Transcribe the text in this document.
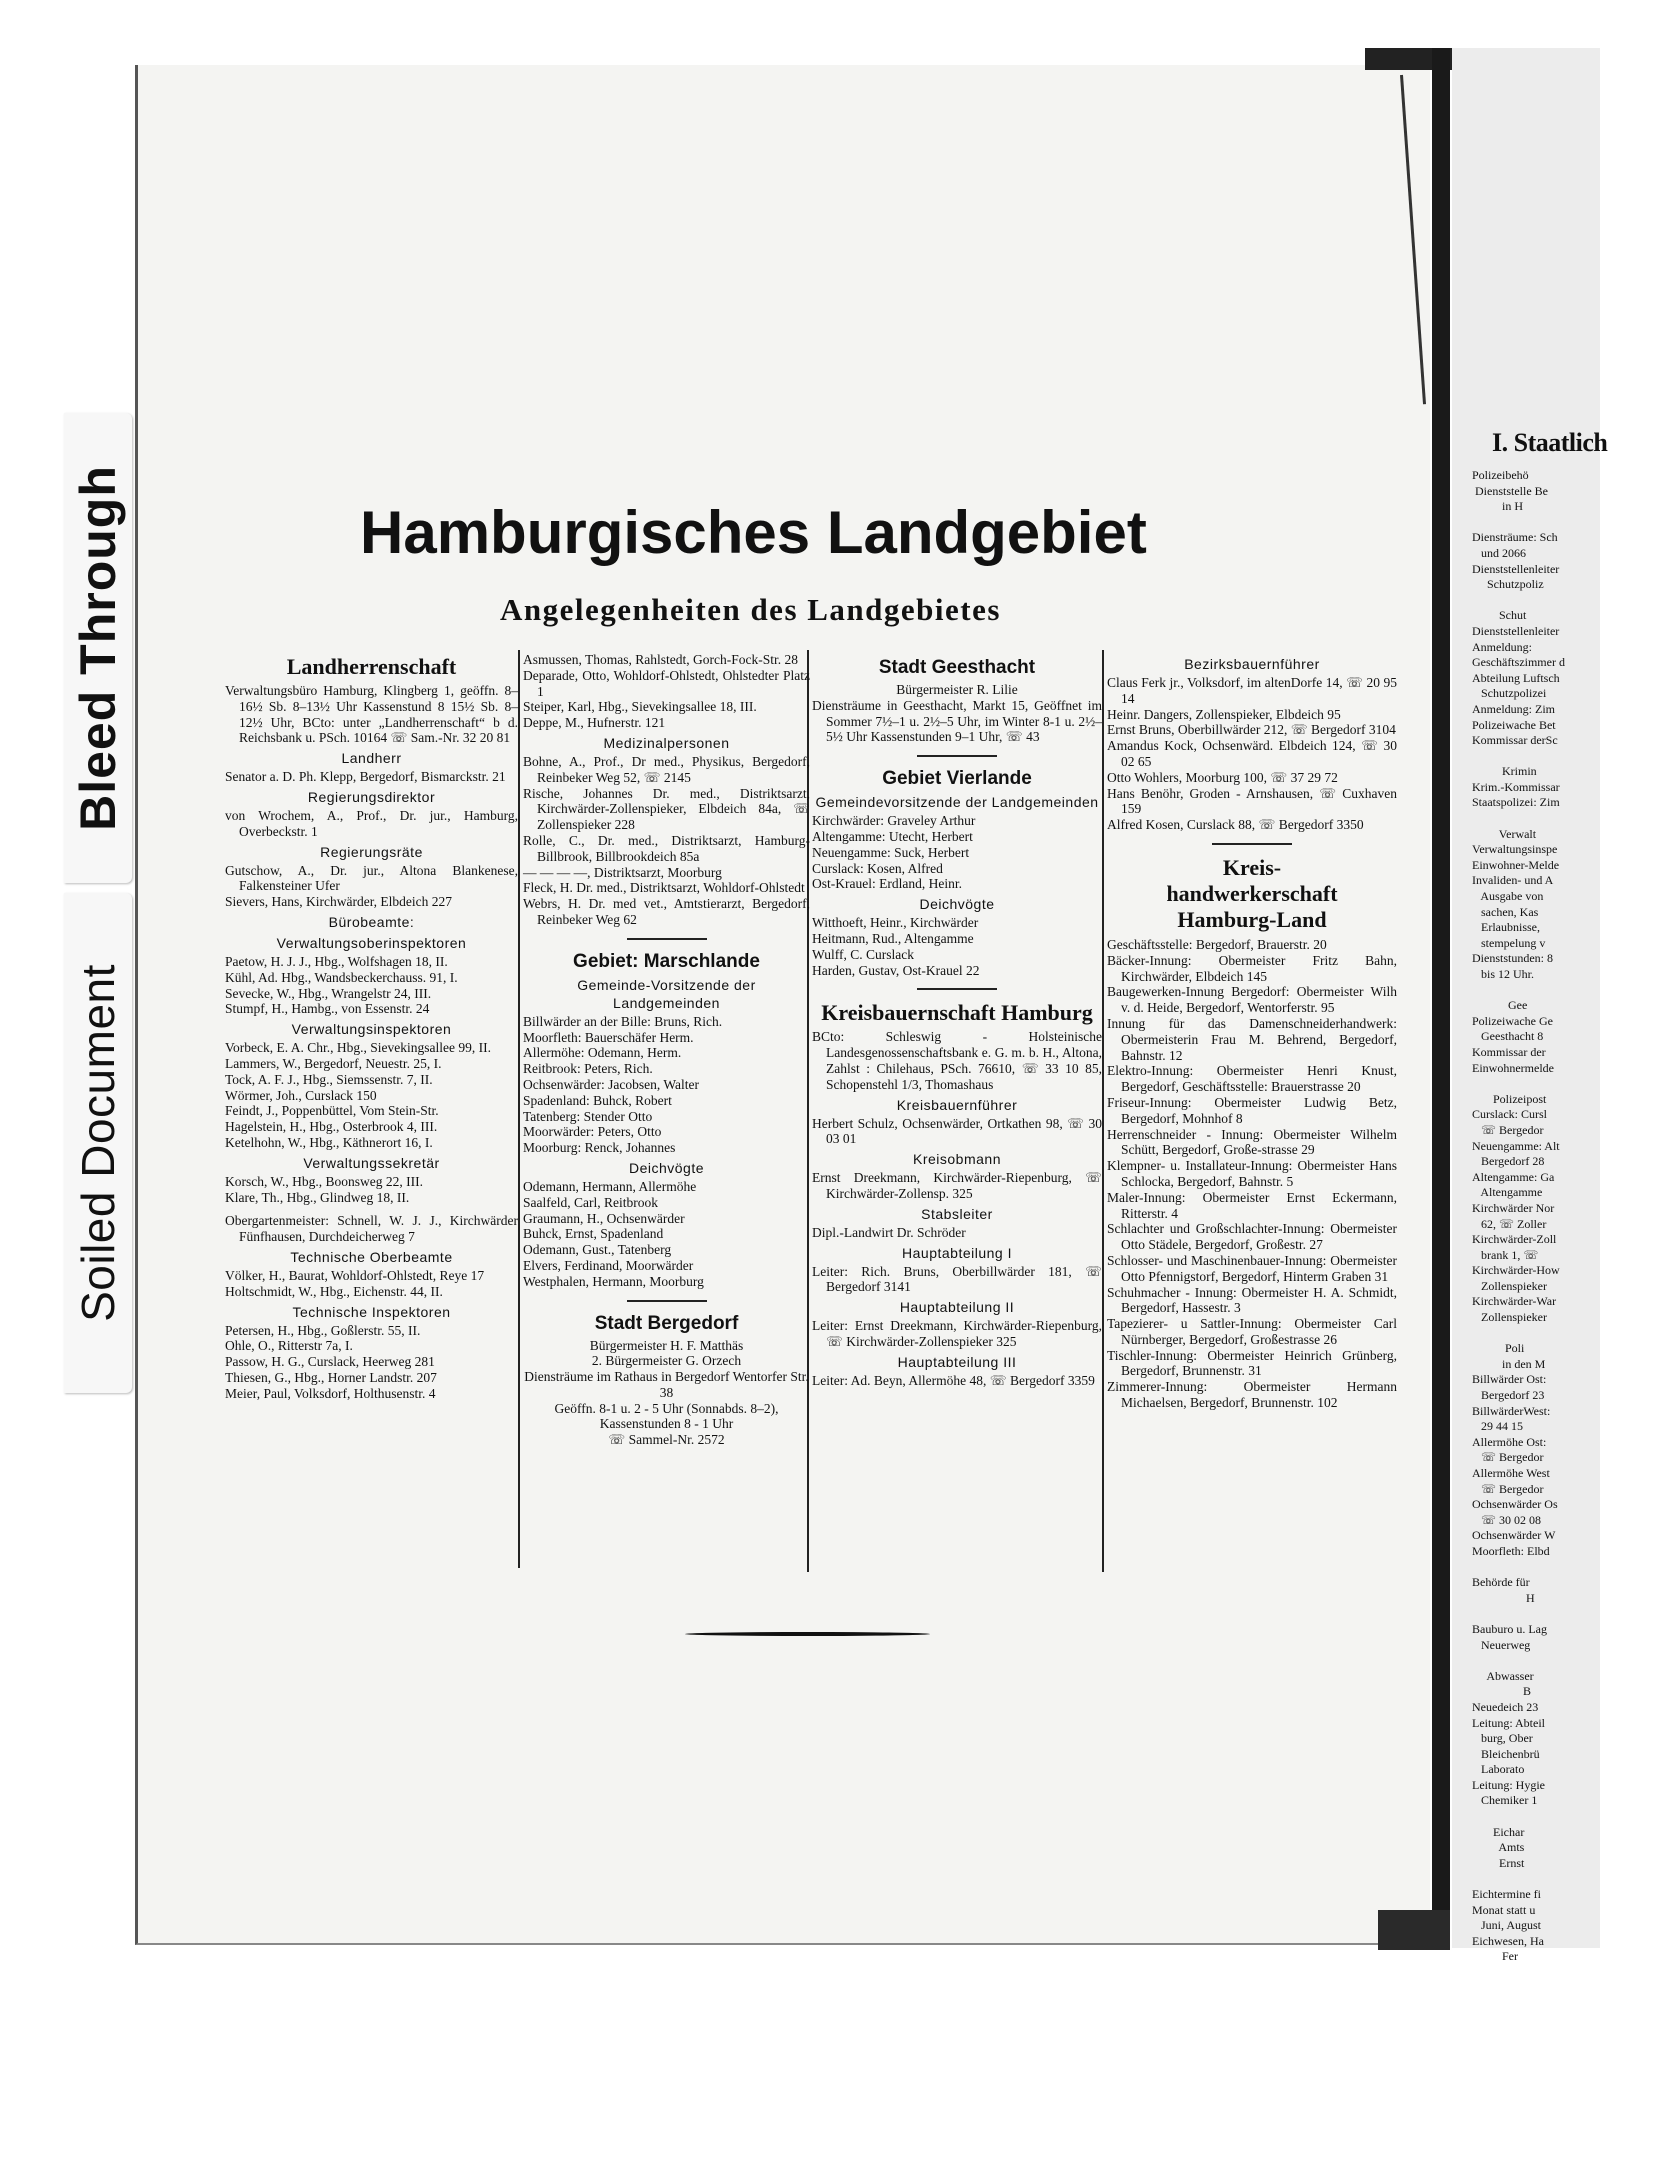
I. Staatlich
Polizeibehö
Dienststelle Be
in H

Diensträume: Sch
und 2066
Dienststellenleiter
Schutzpoliz

Schut
Dienststellenleiter
Anmeldung:
Geschäftszimmer d
Abteilung Luftsch
Schutzpolizei
Anmeldung: Zim
Polizeiwache Bet
Kommissar derSc

Krimin
Krim.-Kommissar
Staatspolizei: Zim

Verwalt
Verwaltungsinspe
Einwohner-Melde
Invaliden- und A
Ausgabe von
sachen, Kas
Erlaubnisse,
stempelung v
Dienststunden: 8
bis 12 Uhr.

Gee
Polizeiwache Ge
Geesthacht 8
Kommissar der
Einwohnermelde

Polizeipost
Curslack: Cursl
☏ Bergedor
Neuengamme: Alt
Bergedorf 28
Altengamme: Ga
Altengamme
Kirchwärder Nor
62, ☏ Zoller
Kirchwärder-Zoll
brank 1, ☏
Kirchwärder-How
Zollenspieker
Kirchwärder-War
Zollenspieker

Poli
in den M
Billwärder Ost:
Bergedorf 23
BillwärderWest:
29 44 15
Allermöhe Ost:
☏ Bergedor
Allermöhe West
☏ Bergedor
Ochsenwärder Os
☏ 30 02 08
Ochsenwärder W
Moorfleth: Elbd

Behörde für
H

Bauburo u. Lag
Neuerweg

Abwasser
B
Neuedeich 23
Leitung: Abteil
burg, Ober
Bleichenbrü
Laborato
Leitung: Hygie
Chemiker 1

Eichar
Amts
Ernst

Eichtermine fi
Monat statt u
Juni, August
Eichwesen, Ha
Fer
Bleed Through
Soiled Document
Hamburgisches Landgebiet
Angelegenheiten des Landgebietes
Landherrenschaft
Verwaltungsbüro Hamburg, Klingberg 1, geöffn. 8–16½ Sb. 8–13½ Uhr Kassenstund 8 15½ Sb. 8–12½ Uhr, BCto: unter „Landherrenschaft“ b d. Reichsbank u. PSch. 10164 ☏ Sam.-Nr. 32 20 81
Landherr
Senator a. D. Ph. Klepp, Bergedorf, Bismarckstr. 21
Regierungsdirektor
von Wrochem, A., Prof., Dr. jur., Hamburg, Overbeckstr. 1
Regierungsräte
Gutschow, A., Dr. jur., Altona Blankenese, Falkensteiner Ufer
Sievers, Hans, Kirchwärder, Elbdeich 227
Bürobeamte:
Verwaltungsoberinspektoren
Paetow, H. J. J., Hbg., Wolfshagen 18, II.
Kühl, Ad. Hbg., Wandsbeckerchauss. 91, I.
Sevecke, W., Hbg., Wrangelstr 24, III.
Stumpf, H., Hambg., von Essenstr. 24
Verwaltungsinspektoren
Vorbeck, E. A. Chr., Hbg., Sievekingsallee 99, II.
Lammers, W., Bergedorf, Neuestr. 25, I.
Tock, A. F. J., Hbg., Siemssenstr. 7, II.
Wörmer, Joh., Curslack 150
Feindt, J., Poppenbüttel, Vom Stein-Str.
Hagelstein, H., Hbg., Osterbrook 4, III.
Ketelhohn, W., Hbg., Käthnerort 16, I.
Verwaltungssekretär
Korsch, W., Hbg., Boonsweg 22, III.
Klare, Th., Hbg., Glindweg 18, II.
Obergartenmeister: Schnell, W. J. J., Kirchwärder Fünfhausen, Durchdeicherweg 7
Technische Oberbeamte
Völker, H., Baurat, Wohldorf-Ohlstedt, Reye 17
Holtschmidt, W., Hbg., Eichenstr. 44, II.
Technische Inspektoren
Petersen, H., Hbg., Goßlerstr. 55, II.
Ohle, O., Ritterstr 7a, I.
Passow, H. G., Curslack, Heerweg 281
Thiesen, G., Hbg., Horner Landstr. 207
Meier, Paul, Volksdorf, Holthusenstr. 4
Asmussen, Thomas, Rahlstedt, Gorch-Fock-Str. 28
Deparade, Otto, Wohldorf-Ohlstedt, Ohlstedter Platz 1
Steiper, Karl, Hbg., Sievekingsallee 18, III.
Deppe, M., Hufnerstr. 121
Medizinalpersonen
Bohne, A., Prof., Dr med., Physikus, Bergedorf, Reinbeker Weg 52, ☏ 2145
Rische, Johannes Dr. med., Distriktsarzt, Kirchwärder-Zollenspieker, Elbdeich 84a, ☏ Zollenspieker 228
Rolle, C., Dr. med., Distriktsarzt, Hamburg-Billbrook, Billbrookdeich 85a
— — — —, Distriktsarzt, Moorburg
Fleck, H. Dr. med., Distriktsarzt, Wohldorf-Ohlstedt
Webrs, H. Dr. med vet., Amtstierarzt, Bergedorf, Reinbeker Weg 62
Gebiet: Marschlande
Gemeinde-Vorsitzende der Landgemeinden
Billwärder an der Bille: Bruns, Rich.
Moorfleth: Bauerschäfer Herm.
Allermöhe: Odemann, Herm.
Reitbrook: Peters, Rich.
Ochsenwärder: Jacobsen, Walter
Spadenland: Buhck, Robert
Tatenberg: Stender Otto
Moorwärder: Peters, Otto
Moorburg: Renck, Johannes
Deichvögte
Odemann, Hermann, Allermöhe
Saalfeld, Carl, Reitbrook
Graumann, H., Ochsenwärder
Buhck, Ernst, Spadenland
Odemann, Gust., Tatenberg
Elvers, Ferdinand, Moorwärder
Westphalen, Hermann, Moorburg
Stadt Bergedorf
Bürgermeister H. F. Matthäs
2. Bürgermeister G. Orzech
Diensträume im Rathaus in Bergedorf Wentorfer Str. 38
Geöffn. 8-1 u. 2 - 5 Uhr (Sonnabds. 8–2), Kassenstunden 8 - 1 Uhr
☏ Sammel-Nr. 2572
Stadt Geesthacht
Bürgermeister R. Lilie
Diensträume in Geesthacht, Markt 15, Geöffnet im Sommer 7½–1 u. 2½–5 Uhr, im Winter 8-1 u. 2½–5½ Uhr Kassenstunden 9–1 Uhr, ☏ 43
Gebiet Vierlande
Gemeindevorsitzende der Landgemeinden
Kirchwärder: Graveley Arthur
Altengamme: Utecht, Herbert
Neuengamme: Suck, Herbert
Curslack: Kosen, Alfred
Ost-Krauel: Erdland, Heinr.
Deichvögte
Witthoeft, Heinr., Kirchwärder
Heitmann, Rud., Altengamme
Wulff, C. Curslack
Harden, Gustav, Ost-Krauel 22
Kreisbauernschaft Hamburg
BCto: Schleswig - Holsteinische Landesgenossenschaftsbank e. G. m. b. H., Altona, Zahlst : Chilehaus, PSch. 76610, ☏ 33 10 85, Schopenstehl 1/3, Thomashaus
Kreisbauernführer
Herbert Schulz, Ochsenwärder, Ortkathen 98, ☏ 30 03 01
Kreisobmann
Ernst Dreekmann, Kirchwärder-Riepenburg, ☏ Kirchwärder-Zollensp. 325
Stabsleiter
Dipl.-Landwirt Dr. Schröder
Hauptabteilung I
Leiter: Rich. Bruns, Oberbillwärder 181, ☏ Bergedorf 3141
Hauptabteilung II
Leiter: Ernst Dreekmann, Kirchwärder-Riepenburg, ☏ Kirchwärder-Zollenspieker 325
Hauptabteilung III
Leiter: Ad. Beyn, Allermöhe 48, ☏ Bergedorf 3359
Bezirksbauernführer
Claus Ferk jr., Volksdorf, im altenDorfe 14, ☏ 20 95 14
Heinr. Dangers, Zollenspieker, Elbdeich 95
Ernst Bruns, Oberbillwärder 212, ☏ Bergedorf 3104
Amandus Kock, Ochsenwärd. Elbdeich 124, ☏ 30 02 65
Otto Wohlers, Moorburg 100, ☏ 37 29 72
Hans Benöhr, Groden - Arnshausen, ☏ Cuxhaven 159
Alfred Kosen, Curslack 88, ☏ Bergedorf 3350
Kreis-
handwerkerschaft
Hamburg-Land
Geschäftsstelle: Bergedorf, Brauerstr. 20
Bäcker-Innung: Obermeister Fritz Bahn, Kirchwärder, Elbdeich 145
Baugewerken-Innung Bergedorf: Obermeister Wilh v. d. Heide, Bergedorf, Wentorferstr. 95
Innung für das Damenschneiderhandwerk: Obermeisterin Frau M. Behrend, Bergedorf, Bahnstr. 12
Elektro-Innung: Obermeister Henri Knust, Bergedorf, Geschäftsstelle: Brauerstrasse 20
Friseur-Innung: Obermeister Ludwig Betz, Bergedorf, Mohnhof 8
Herrenschneider - Innung: Obermeister Wilhelm Schütt, Bergedorf, Große-strasse 29
Klempner- u. Installateur-Innung: Obermeister Hans Schlocka, Bergedorf, Bahnstr. 5
Maler-Innung: Obermeister Ernst Eckermann, Ritterstr. 4
Schlachter und Großschlachter-Innung: Obermeister Otto Städele, Bergedorf, Großestr. 27
Schlosser- und Maschinenbauer-Innung: Obermeister Otto Pfennigstorf, Bergedorf, Hinterm Graben 31
Schuhmacher - Innung: Obermeister H. A. Schmidt, Bergedorf, Hassestr. 3
Tapezierer- u Sattler-Innung: Obermeister Carl Nürnberger, Bergedorf, Großestrasse 26
Tischler-Innung: Obermeister Heinrich Grünberg, Bergedorf, Brunnenstr. 31
Zimmerer-Innung: Obermeister Hermann Michaelsen, Bergedorf, Brunnenstr. 102
